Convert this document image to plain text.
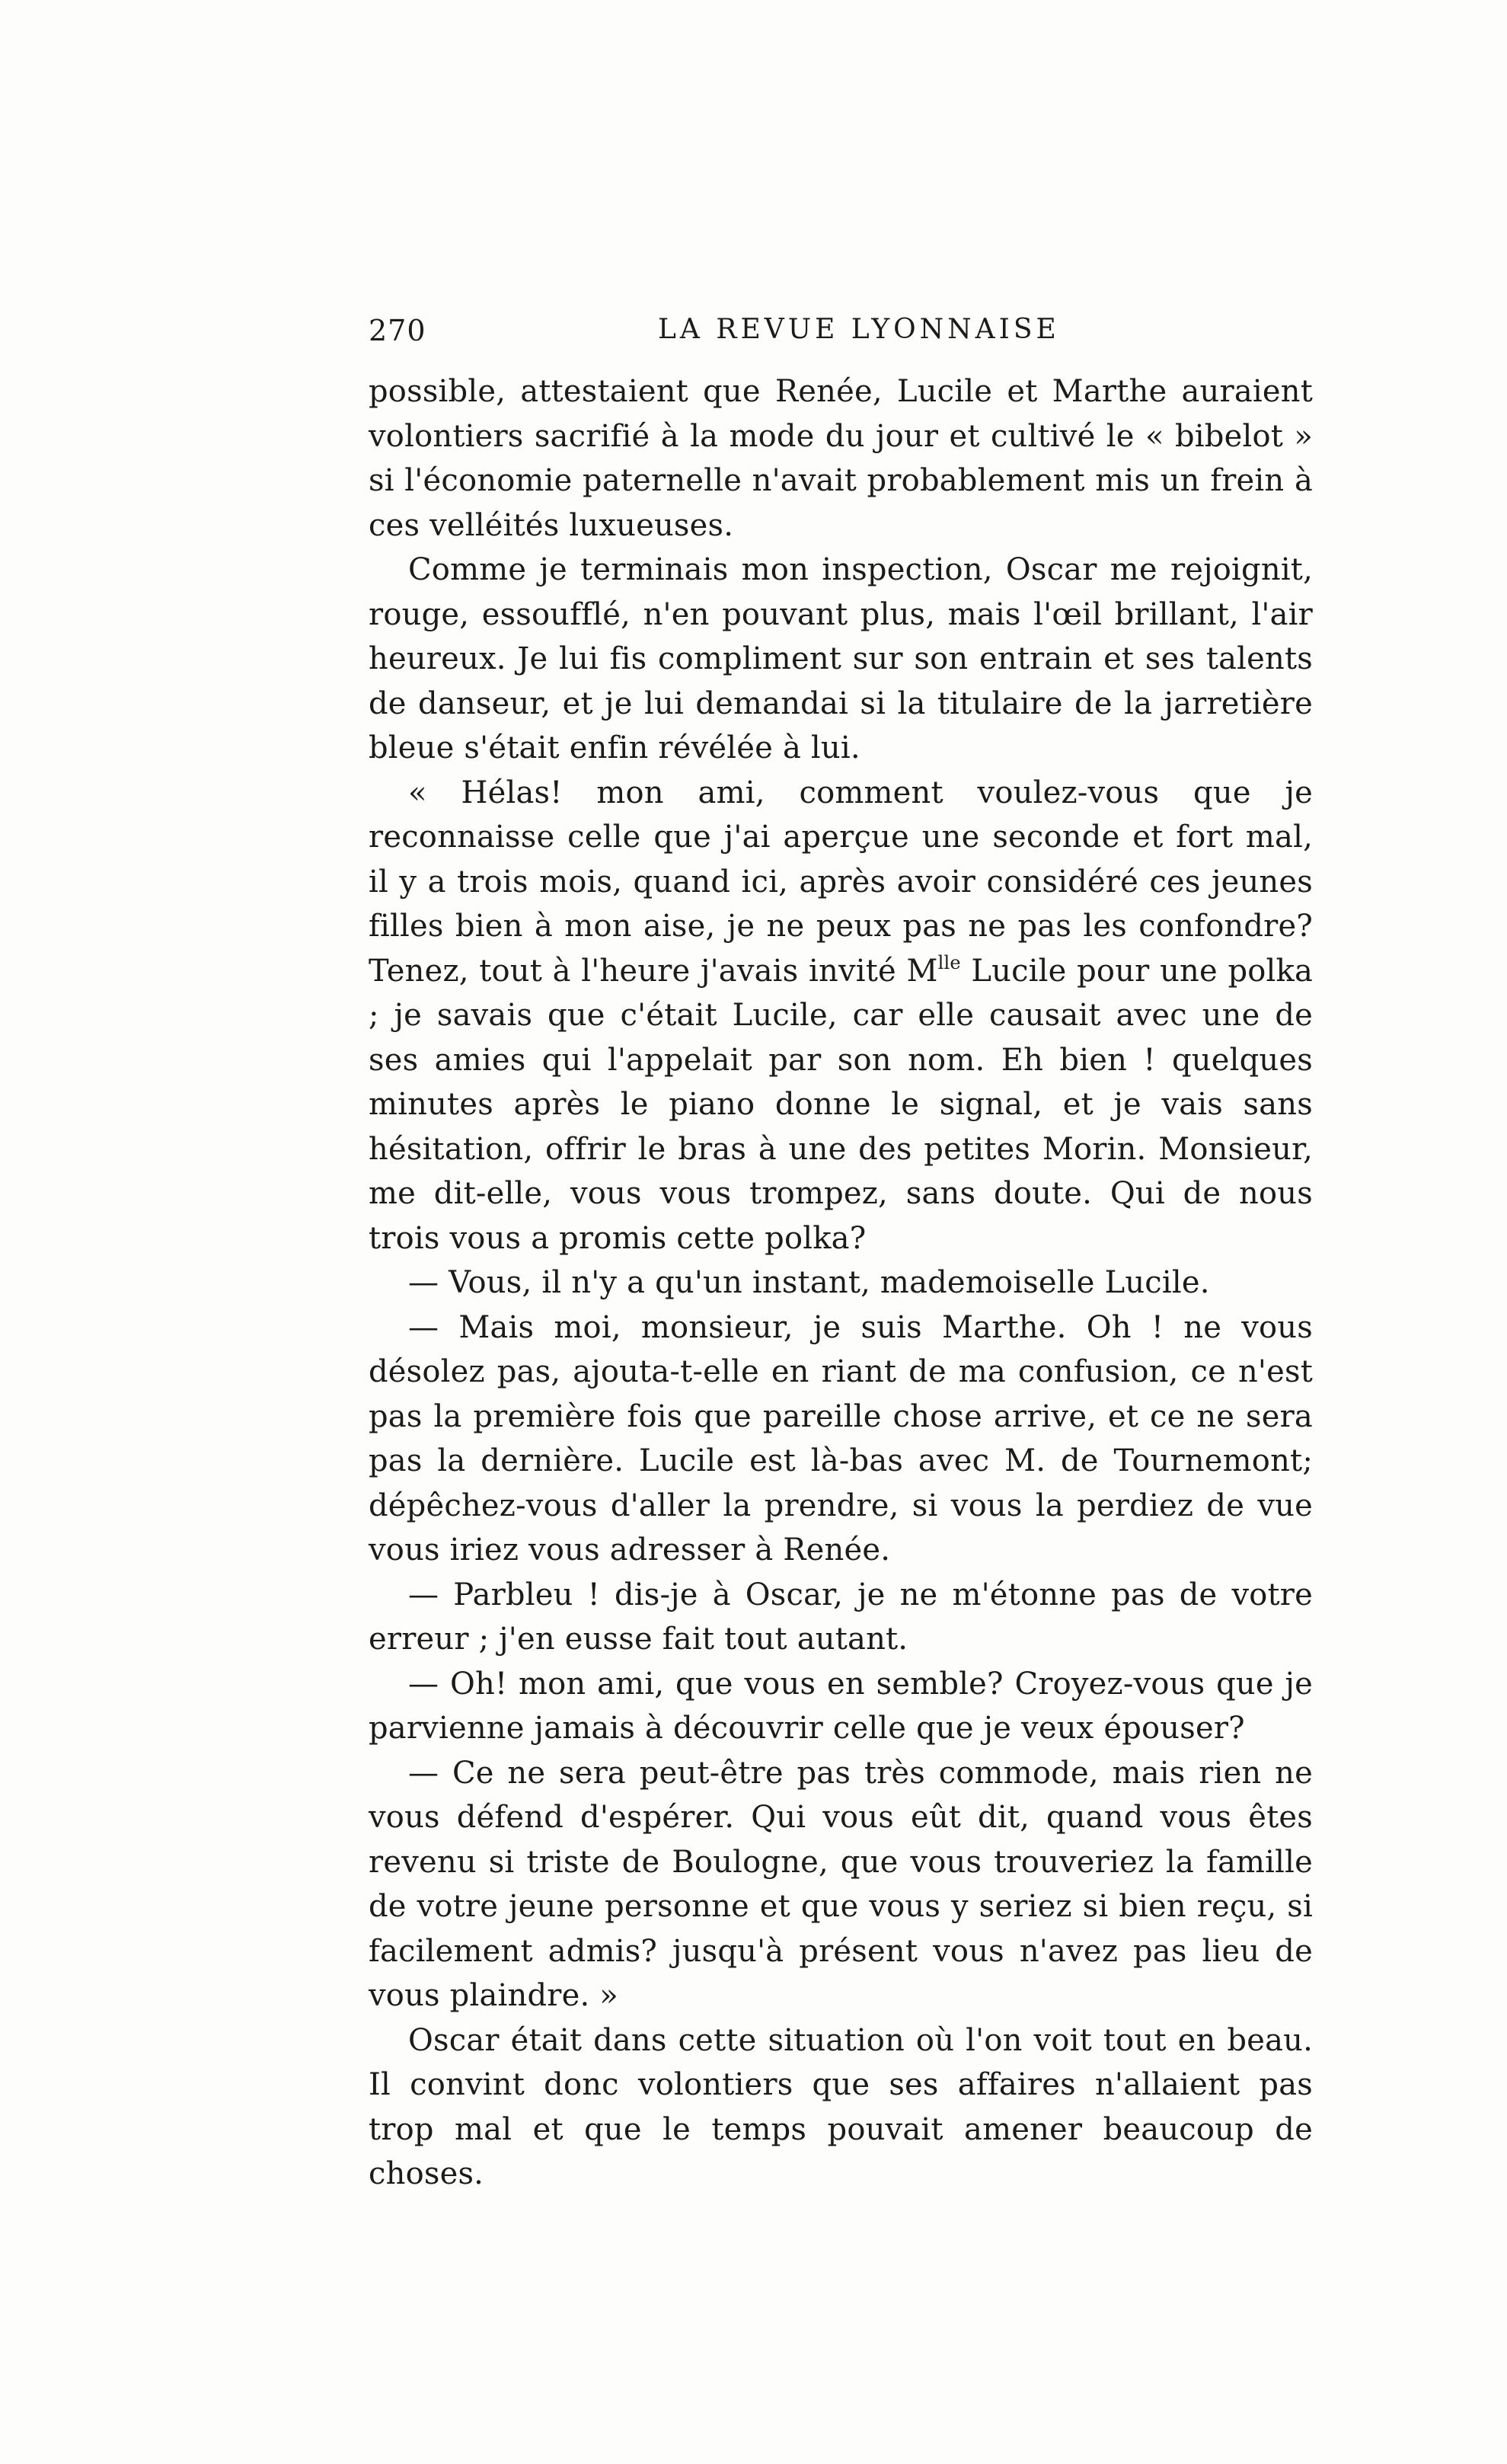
270	LA REVUE LYONNAISE

possible, attestaient que Renée, Lucile et Marthe auraient volontiers sacrifié à la mode du jour et cultivé le « bibelot » si l'économie paternelle n'avait probablement mis un frein à ces velléités luxueuses.

Comme je terminais mon inspection, Oscar me rejoignit, rouge, essoufflé, n'en pouvant plus, mais l'œil brillant, l'air heureux. Je lui fis compliment sur son entrain et ses talents de danseur, et je lui demandai si la titulaire de la jarretière bleue s'était enfin révélée à lui.

« Hélas! mon ami, comment voulez-vous que je reconnaisse celle que j'ai aperçue une seconde et fort mal, il y a trois mois, quand ici, après avoir considéré ces jeunes filles bien à mon aise, je ne peux pas ne pas les confondre? Tenez, tout à l'heure j'avais invité $M^{lle}$ Lucile pour une polka ; je savais que c'était Lucile, car elle causait avec une de ses amies qui l'appelait par son nom. Eh bien ! quelques minutes après le piano donne le signal, et je vais sans hésitation, offrir le bras à une des petites Morin. Monsieur, me dit-elle, vous vous trompez, sans doute. Qui de nous trois vous a promis cette polka?

— Vous, il n'y a qu'un instant, mademoiselle Lucile.

— Mais moi, monsieur, je suis Marthe. Oh ! ne vous désolez pas, ajouta-t-elle en riant de ma confusion, ce n'est pas la première fois que pareille chose arrive, et ce ne sera pas la dernière. Lucile est là-bas avec M. de Tournemont; dépêchez-vous d'aller la prendre, si vous la perdiez de vue vous iriez vous adresser à Renée.

— Parbleu ! dis-je à Oscar, je ne m'étonne pas de votre erreur ; j'en eusse fait tout autant.

— Oh! mon ami, que vous en semble? Croyez-vous que je parvienne jamais à découvrir celle que je veux épouser?

— Ce ne sera peut-être pas très commode, mais rien ne vous défend d'espérer. Qui vous eût dit, quand vous êtes revenu si triste de Boulogne, que vous trouveriez la famille de votre jeune personne et que vous y seriez si bien reçu, si facilement admis? jusqu'à présent vous n'avez pas lieu de vous plaindre. »

Oscar était dans cette situation où l'on voit tout en beau. Il convint donc volontiers que ses affaires n'allaient pas trop mal et que le temps pouvait amener beaucoup de choses.
